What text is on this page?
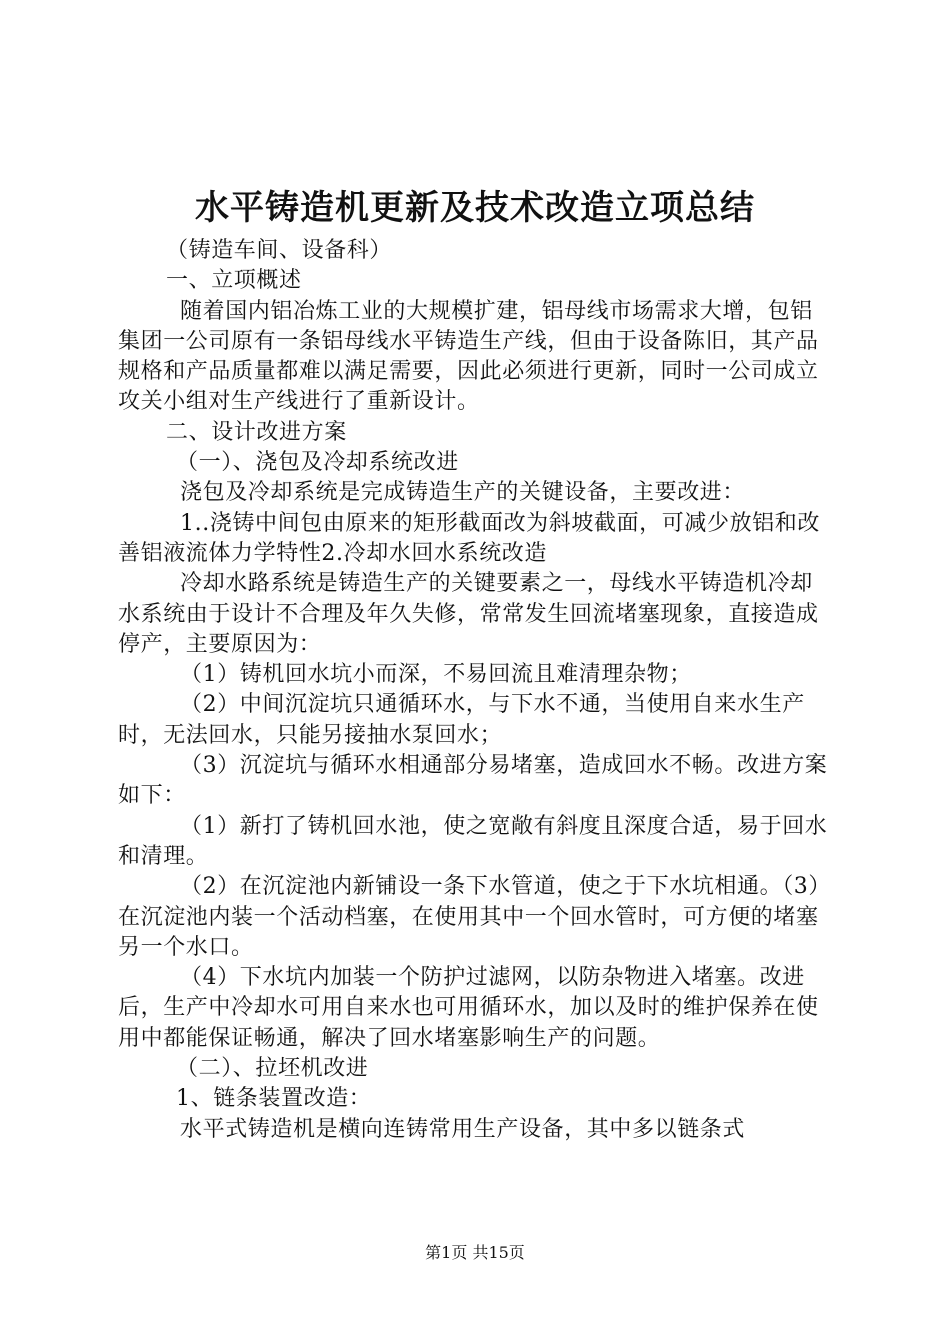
水平铸造机更新及技术改造立项总结

（铸造车间、设备科）

一、立项概述

随着国内铝冶炼工业的大规模扩建，铝母线市场需求大增，包铝集团一公司原有一条铝母线水平铸造生产线，但由于设备陈旧，其产品规格和产品质量都难以满足需要，因此必须进行更新，同时一公司成立攻关小组对生产线进行了重新设计。

二、设计改进方案

（一）、浇包及冷却系统改进

浇包及冷却系统是完成铸造生产的关键设备，主要改进：

1..浇铸中间包由原来的矩形截面改为斜坡截面，可减少放铝和改善铝液流体力学特性2.冷却水回水系统改造

冷却水路系统是铸造生产的关键要素之一，母线水平铸造机冷却水系统由于设计不合理及年久失修，常常发生回流堵塞现象，直接造成停产，主要原因为：

（1）铸机回水坑小而深，不易回流且难清理杂物；

（2）中间沉淀坑只通循环水，与下水不通，当使用自来水生产时，无法回水，只能另接抽水泵回水；

（3）沉淀坑与循环水相通部分易堵塞，造成回水不畅。改进方案如下：

（1）新打了铸机回水池，使之宽敞有斜度且深度合适，易于回水和清理。

（2）在沉淀池内新铺设一条下水管道，使之于下水坑相通。（3）在沉淀池内装一个活动档塞，在使用其中一个回水管时，可方便的堵塞另一个水口。

（4）下水坑内加装一个防护过滤网，以防杂物进入堵塞。改进后，生产中冷却水可用自来水也可用循环水，加以及时的维护保养在使用中都能保证畅通，解决了回水堵塞影响生产的问题。

（二）、拉坯机改进

1、链条装置改造：

水平式铸造机是横向连铸常用生产设备，其中多以链条式

第1页 共15页
